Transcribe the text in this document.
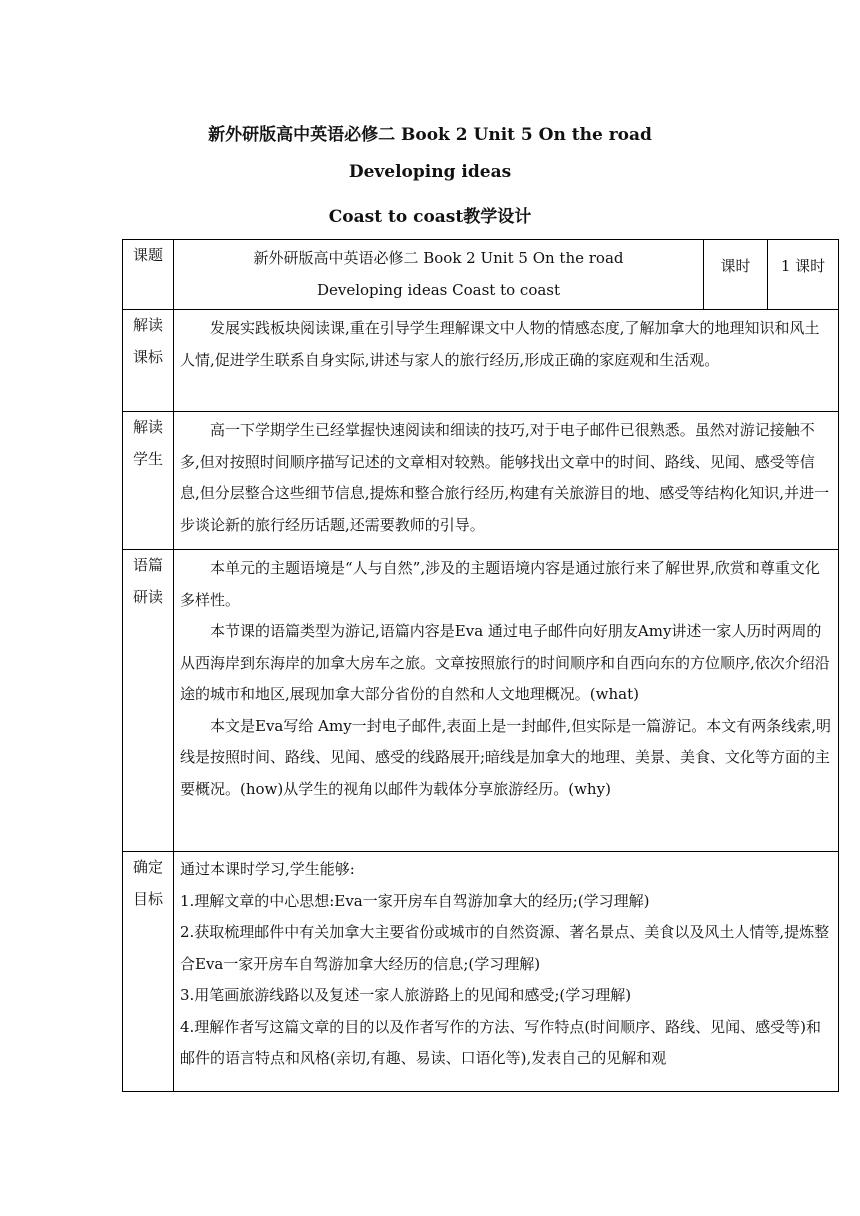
新外研版高中英语必修二 Book 2 Unit 5 On the road
Developing ideas
Coast to coast教学设计
课题	新外研版高中英语必修二 Book 2 Unit 5 On the road
Developing ideas Coast to coast	课时	1 课时
解读课标	发展实践板块阅读课,重在引导学生理解课文中人物的情感态度,了解加拿大的地理知识和风土人情,促进学生联系自身实际,讲述与家人的旅行经历,形成正确的家庭观和生活观。		

解读学生	高一下学期学生已经掌握快速阅读和细读的技巧,对于电子邮件已很熟悉。虽然对游记接触不多,但对按照时间顺序描写记述的文章相对较熟。能够找出文章中的时间、路线、见闻、感受等信息,但分层整合这些细节信息,提炼和整合旅行经历,构建有关旅游目的地、感受等结构化知识,并进一步谈论新的旅行经历话题,还需要教师的引导。		

语篇研读	本单元的主题语境是“人与自然”,涉及的主题语境内容是通过旅行来了解世界,欣赏和尊重文化多样性。

本节课的语篇类型为游记,语篇内容是Eva 通过电子邮件向好朋友Amy讲述一家人历时两周的从西海岸到东海岸的加拿大房车之旅。文章按照旅行的时间顺序和自西向东的方位顺序,依次介绍沿途的城市和地区,展现加拿大部分省份的自然和人文地理概况。(what)

本文是Eva写给 Amy一封电子邮件,表面上是一封邮件,但实际是一篇游记。本文有两条线索,明线是按照时间、路线、见闻、感受的线路展开;暗线是加拿大的地理、美景、美食、文化等方面的主要概况。(how)从学生的视角以邮件为载体分享旅游经历。(why)		

确定目标	通过本课时学习,学生能够:

1.理解文章的中心思想:Eva一家开房车自驾游加拿大的经历;(学习理解)

2.获取梳理邮件中有关加拿大主要省份或城市的自然资源、著名景点、美食以及风土人情等,提炼整合Eva一家开房车自驾游加拿大经历的信息;(学习理解)

3.用笔画旅游线路以及复述一家人旅游路上的见闻和感受;(学习理解)

4.理解作者写这篇文章的目的以及作者写作的方法、写作特点(时间顺序、路线、见闻、感受等)和邮件的语言特点和风格(亲切,有趣、易读、口语化等),发表自己的见解和观		
